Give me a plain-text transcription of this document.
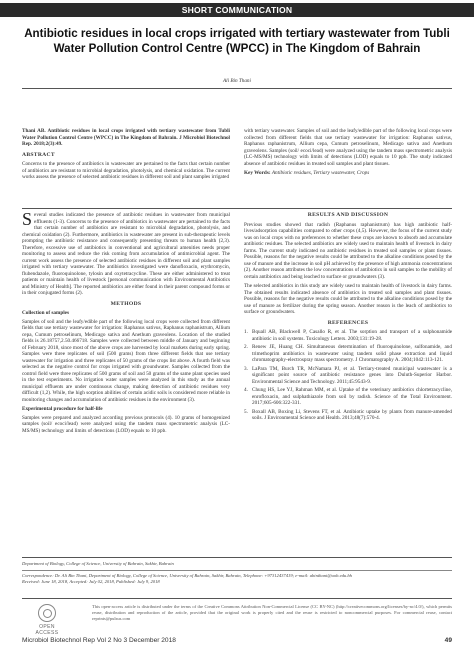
SHORT COMMUNICATION
Antibiotic residues in local crops irrigated with tertiary wastewater from Tubli Water Pollution Control Centre (WPCC) in The Kingdom of Bahrain
Ali Bin Thani

Thani AB. Antibiotic residues in local crops irrigated with tertiary wastewater from Tubli Water Pollution Control Centre (WPCC) in The Kingdom of Bahrain. J Microbiol Biotechnol Rep. 2018;2(3):49.

ABSTRACT

Concerns to the presence of antibiotics in wastewater are pertained to the facts that certain number of antibiotics are resistant to microbial degradation, photolysis, and chemical oxidation. The current works assess the presence of selected antibiotic residues in different soil and plant samples irrigated

with tertiary wastewater. Samples of soil and the leafy/edible part of the following local crops were collected from different fields that use tertiary wastewater for irrigation: Raphanus sativus, Raphanus raphanistrum, Allium cepa, Cumum petroselinum, Medicago sativa and Anethum graveolens. Samples (soil/ ecoci/lead) were analyzed using the tandem mass spectrometric analysis (LC-MS/MS) technology with limits of detections (LOD) equals to 10 ppb. The study indicated absence of antibiotic residues in treated soil samples and plant tissues.

Key Words: Antibiotic residues, Tertiary wastewater, Crops

Several studies indicated the presence of antibiotic residues in wastewater from municipal effluents (1-3). Concerns to the presence of antibiotics in wastewater are pertained to the facts that certain number of antibiotics are resistant to microbial degradation, photolysis, and chemical oxidation (2). Furthermore, antibiotics in wastewater are present in sub-therapeutic levels prompting the antibiotic resistance and consequently presenting threats to human health (2,3). Therefore, excessive use of antibiotics in conventional and agricultural amenities needs proper monitoring to assess and reduce the risk coming from accumulation of antimicrobial agent. The current work assess the presence of selected antibiotic residues in different soil and plant samples irrigated with tertiary wastewater. The antibiotics investigated were danofloxacin, erythromycin, flubendazole, fluoroquinolone, tylosin and oxytetracycline. These are either administered to treat patients or maintain health of livestock [personal communication with Environmental Antibiotics and Ministry of Health]. The reported antibiotics are either found in their parent compound forms or in their conjugated forms (2).

METHODS
Collection of samples

Samples of soil and the leafy/edible part of the following local crops were collected from different fields that use tertiary wastewater for irrigation: Raphanus sativus, Raphanus raphanistrum, Allium cepa, Cumum petroselinum, Medicago sativa and Anethum graveolens. Location of the studied fields is 26.18757,2.50.466718. Samples were collected between middle of January and beginning of February 2018, since most of the above crops are harvested by local markets during early spring. Samples were three replicates of soil (500 grams) from three different fields that use tertiary wastewater for irrigation and three replicates of 50 grams of the crops list above. A fourth field was selected as the negative control for crops irrigated with groundwater. Samples collected from the control field were three replicates of 500 grams of soil and 50 grams of the same plant species used in the test experiments. No irrigation water samples were analyzed in this study as the annual municipal effluents are under continuous change, making detection of antibiotic residues very difficult (1,2). While, the high sorption abilities of certain acidic soils is considered more reliable in monitoring changes and accumulation of antibiotic residues in the environment (3).

Experimental procedure for half-life

Samples were prepared and analyzed according previous protocols (4). 10 grams of homogenized samples (soil/ ecoci/lead) were analyzed using the tandem mass spectrometric analysis (LC-MS/MS) technology and limits of detections (LOD) equals to 10 ppb.

RESULTS AND DISCUSSION

Previous studies showed that radish (Raphanus raphanistrum) has high antibiotic half-lives/adsorption capabilities compared to other crops (4,5). However, the focus of the current study was on local crops with no preferences to whether these crops are known to absorb and accumulate antibiotic residues. The selected antibiotics are widely used to maintain health of livestock in dairy farms. The current study indicated no antibiotic residues in treated soil samples or plant tissues. Possible, reasons for the negative results could be attributed to the alkaline conditions posed by the use of manure and the increase in soil pH achieved by the presence of high ammonia concentrations (2). Another reason attributes the low concentrations of antibiotics in soil samples to the mobility of certain antibiotics and being leached to surface or groundwaters (3).

The selected antibiotics in this study are widely used to maintain health of livestock in dairy farms. The obtained results indicated absence of antibiotics in treated soil samples and plant tissues. Possible, reasons for the negative results could be attributed to the alkaline conditions posed by the use of manure as fertilizer during the spring season. Another reason is the leach of antibiotics to surface or groundwaters.

REFERENCES
1. Bquall AB, Blackwell P, Casallo R, et al. The sorption and transport of a sulphonamide antibiotic in soil systems. Toxicology Letters. 2003;131:19-28.
2. Renew JE, Huang CH. Simultaneous determination of fluoroquinolone, sulfonamide, and trimethoprim antibiotics in wastewater using tandem solid phase extraction and liquid chromatography-electrospray mass spectrometry. J Chromatography A. 2004;1042:113-121.
3. LaPara TM, Burch TR, McNamara PJ, et al. Tertiary-treated municipal wastewater is a significant point source of antibiotic resistance genes into Duluth-Superior Harbor. Environmental Science and Technology. 2011;45:9543-9.
4. Chung HS, Lee YJ, Rahman MM, et al. Uptake of the veterinary antibiotics chlortetracycline, enrofloxacin, and sulphathiazole from soil by radish. Science of the Total Environment. 2017;605-606:322-331.
5. Boxall AB, Boxing Li, Stevens FT, et al. Antibiotic uptake by plants from manure-amended soils. J Environmental Science and Health. 2013;48(7):570-4.
Department of Biology, College of Science, University of Bahrain, Sakhir, Bahrain
Correspondence: Dr. Ali Bin Thani, Department of Biology, College of Science, University of Bahrain, Sakhir, Bahrain, Telephone: +97312437419; e-mail: abinthani@uob.edu.bh
Received: June 18, 2018, Accepted: July 02, 2018, Published: July 9, 2018
OPEN ACCESS
This open-access article is distributed under the terms of the Creative Commons Attribution Non-Commercial License (CC BY-NC) (http://creativecommons.org/licenses/by-nc/4.0/), which permits reuse, distribution and reproduction of the article, provided that the original work is properly cited and the reuse is restricted to noncommercial purposes. For commercial reuse, contact reprints@pulsus.com
Microbiol Biotechnol Rep Vol 2 No 3 December 2018	49
